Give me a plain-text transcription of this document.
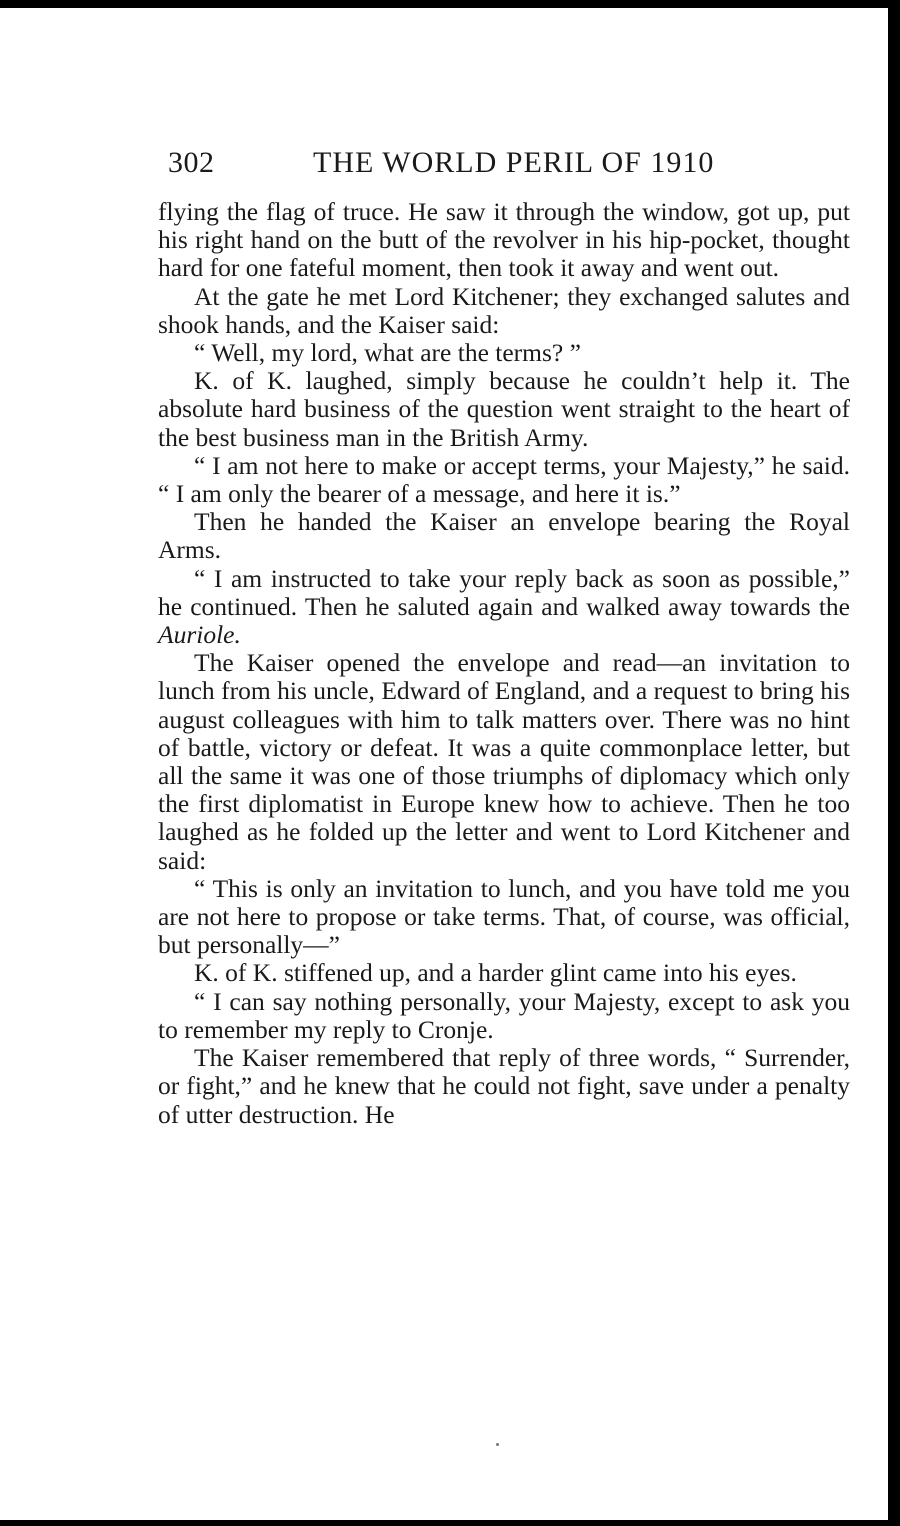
302	THE WORLD PERIL OF 1910

flying the flag of truce. He saw it through the window, got up, put his right hand on the butt of the revolver in his hip-pocket, thought hard for one fateful moment, then took it away and went out.

At the gate he met Lord Kitchener; they exchanged salutes and shook hands, and the Kaiser said:

“ Well, my lord, what are the terms? ”

K. of K. laughed, simply because he couldn’t help it. The absolute hard business of the question went straight to the heart of the best business man in the British Army.

“ I am not here to make or accept terms, your Majesty,” he said. “ I am only the bearer of a message, and here it is.”

Then he handed the Kaiser an envelope bearing the Royal Arms.

“ I am instructed to take your reply back as soon as possible,” he continued. Then he saluted again and walked away towards the Auriole.

The Kaiser opened the envelope and read—an invitation to lunch from his uncle, Edward of England, and a request to bring his august colleagues with him to talk matters over. There was no hint of battle, victory or defeat. It was a quite commonplace letter, but all the same it was one of those triumphs of diplomacy which only the first diplomatist in Europe knew how to achieve. Then he too laughed as he folded up the letter and went to Lord Kitchener and said:

“ This is only an invitation to lunch, and you have told me you are not here to propose or take terms. That, of course, was official, but personally—”

K. of K. stiffened up, and a harder glint came into his eyes.

“ I can say nothing personally, your Majesty, except to ask you to remember my reply to Cronje.

The Kaiser remembered that reply of three words, “ Surrender, or fight,” and he knew that he could not fight, save under a penalty of utter destruction. He
